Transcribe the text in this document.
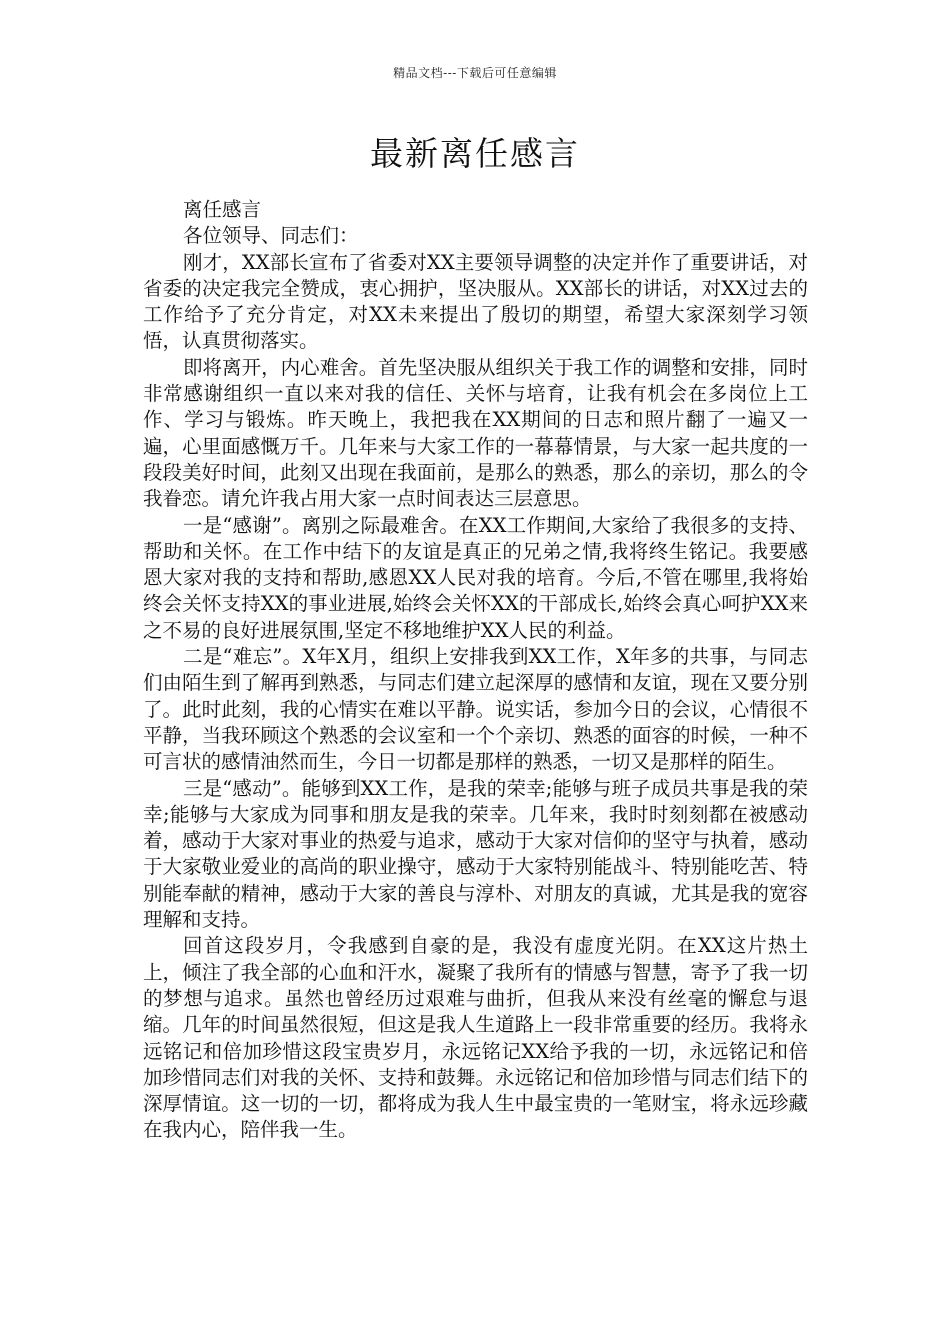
精品文档---下载后可任意编辑
最新离任感言

离任感言

各位领导、同志们：

刚才，XX部长宣布了省委对XX主要领导调整的决定并作了重要讲话，对省委的决定我完全赞成，衷心拥护，坚决服从。XX部长的讲话，对XX过去的工作给予了充分肯定，对XX未来提出了殷切的期望，希望大家深刻学习领悟，认真贯彻落实。

即将离开，内心难舍。首先坚决服从组织关于我工作的调整和安排，同时非常感谢组织一直以来对我的信任、关怀与培育，让我有机会在多岗位上工作、学习与锻炼。昨天晚上，我把我在XX期间的日志和照片翻了一遍又一遍，心里面感慨万千。几年来与大家工作的一幕幕情景，与大家一起共度的一段段美好时间，此刻又出现在我面前，是那么的熟悉，那么的亲切，那么的令我眷恋。请允许我占用大家一点时间表达三层意思。

一是“感谢”。离别之际最难舍。在XX工作期间,大家给了我很多的支持、帮助和关怀。在工作中结下的友谊是真正的兄弟之情,我将终生铭记。我要感恩大家对我的支持和帮助,感恩XX人民对我的培育。今后,不管在哪里,我将始终会关怀支持XX的事业进展,始终会关怀XX的干部成长,始终会真心呵护XX来之不易的良好进展氛围,坚定不移地维护XX人民的利益。

二是“难忘”。X年X月，组织上安排我到XX工作，X年多的共事，与同志们由陌生到了解再到熟悉，与同志们建立起深厚的感情和友谊，现在又要分别了。此时此刻，我的心情实在难以平静。说实话，参加今日的会议，心情很不平静，当我环顾这个熟悉的会议室和一个个亲切、熟悉的面容的时候，一种不可言状的感情油然而生，今日一切都是那样的熟悉，一切又是那样的陌生。

三是“感动”。能够到XX工作，是我的荣幸;能够与班子成员共事是我的荣幸;能够与大家成为同事和朋友是我的荣幸。几年来，我时时刻刻都在被感动着，感动于大家对事业的热爱与追求，感动于大家对信仰的坚守与执着，感动于大家敬业爱业的高尚的职业操守，感动于大家特别能战斗、特别能吃苦、特别能奉献的精神，感动于大家的善良与淳朴、对朋友的真诚，尤其是我的宽容理解和支持。

回首这段岁月，令我感到自豪的是，我没有虚度光阴。在XX这片热土上，倾注了我全部的心血和汗水，凝聚了我所有的情感与智慧，寄予了我一切的梦想与追求。虽然也曾经历过艰难与曲折，但我从来没有丝毫的懈怠与退缩。几年的时间虽然很短，但这是我人生道路上一段非常重要的经历。我将永远铭记和倍加珍惜这段宝贵岁月，永远铭记XX给予我的一切，永远铭记和倍加珍惜同志们对我的关怀、支持和鼓舞。永远铭记和倍加珍惜与同志们结下的深厚情谊。这一切的一切，都将成为我人生中最宝贵的一笔财宝，将永远珍藏在我内心，陪伴我一生。
